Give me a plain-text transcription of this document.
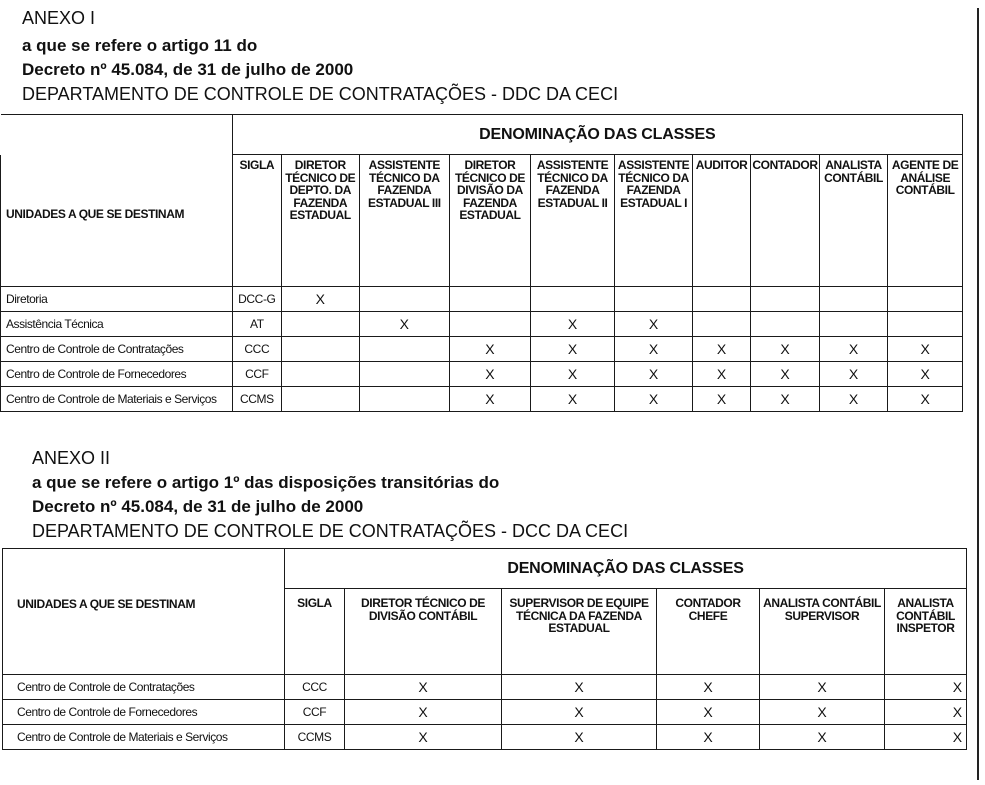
ANEXO I
a que se refere o artigo 11 do
Decreto nº 45.084, de 31 de julho de 2000
DEPARTAMENTO DE CONTROLE DE CONTRATAÇÕES - DDC DA CECI
	DENOMINAÇÃO DAS CLASSES									
UNIDADES A QUE SE DESTINAM	SIGLA	DIRETOR TÉCNICO DE DEPTO. DA FAZENDA ESTADUAL	ASSISTENTE TÉCNICO DA FAZENDA ESTADUAL III	DIRETOR TÉCNICO DE DIVISÃO DA FAZENDA ESTADUAL	ASSISTENTE TÉCNICO DA FAZENDA ESTADUAL II	ASSISTENTE TÉCNICO DA FAZENDA ESTADUAL I	AUDITOR	CONTADOR	ANALISTA CONTÁBIL	AGENTE DE ANÁLISE CONTÁBIL
Diretoria	DCC-G	X								
Assistência Técnica	AT		X		X	X				
Centro de Controle de Contratações	CCC			X	X	X	X	X	X	X
Centro de Controle de Fornecedores	CCF			X	X	X	X	X	X	X
Centro de Controle de Materiais e Serviços	CCMS			X	X	X	X	X	X	X
ANEXO II
a que se refere o artigo 1º das disposições transitórias do
Decreto nº 45.084, de 31 de julho de 2000
DEPARTAMENTO DE CONTROLE DE CONTRATAÇÕES - DCC DA CECI
	DENOMINAÇÃO DAS CLASSES					
UNIDADES A QUE SE DESTINAM	SIGLA	DIRETOR TÉCNICO DE DIVISÃO CONTÁBIL	SUPERVISOR DE EQUIPE TÉCNICA DA FAZENDA ESTADUAL	CONTADOR CHEFE	ANALISTA CONTÁBIL SUPERVISOR	ANALISTA CONTÁBIL INSPETOR
Centro de Controle de Contratações	CCC	X	X	X	X	X
Centro de Controle de Fornecedores	CCF	X	X	X	X	X
Centro de Controle de Materiais e Serviços	CCMS	X	X	X	X	X
